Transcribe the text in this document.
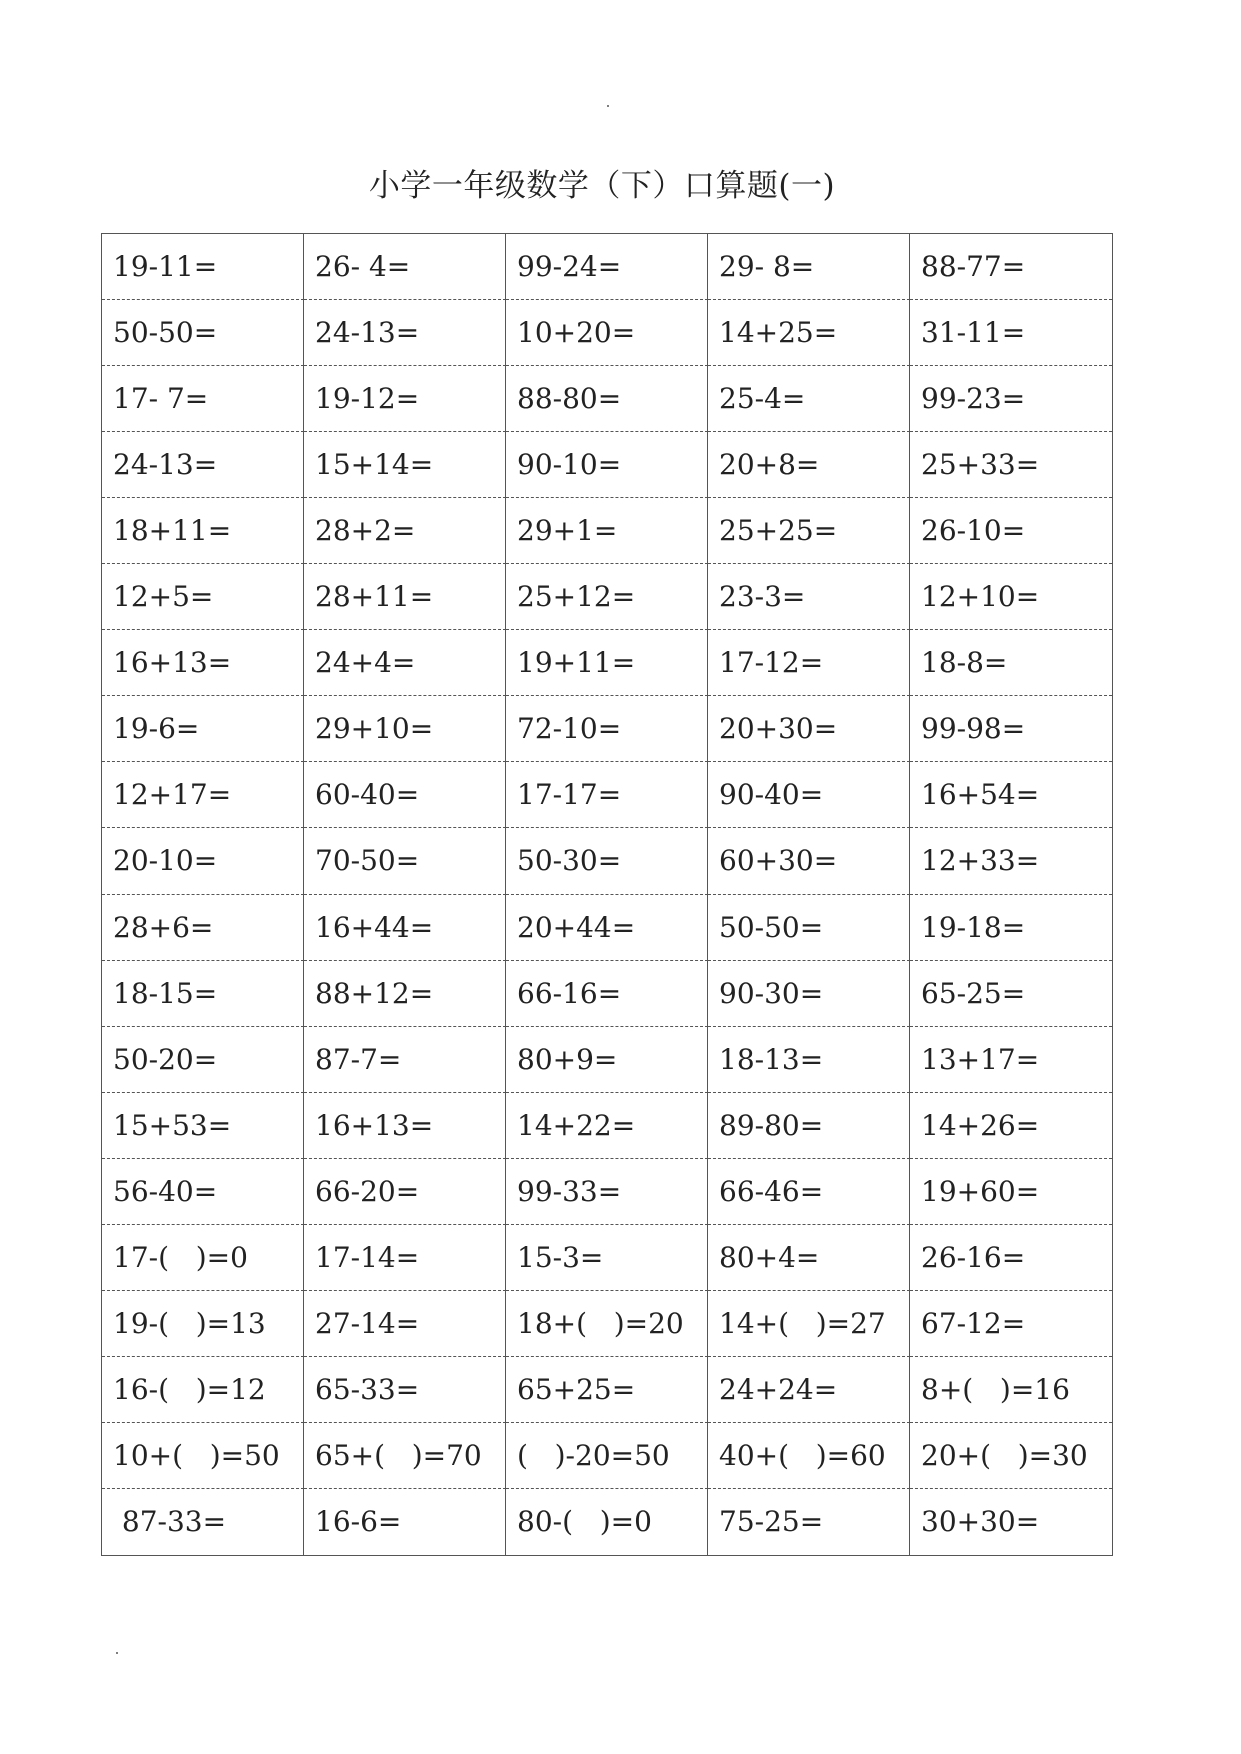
小学一年级数学（下）口算题(一)
19-11=	26- 4=	99-24=	29- 8=	88-77=
50-50=	24-13=	10+20=	14+25=	31-11=
17- 7=	19-12=	88-80=	25-4=	99-23=
24-13=	15+14=	90-10=	20+8=	25+33=
18+11=	28+2=	29+1=	25+25=	26-10=
12+5=	28+11=	25+12=	23-3=	12+10=
16+13=	24+4=	19+11=	17-12=	18-8=
19-6=	29+10=	72-10=	20+30=	99-98=
12+17=	60-40=	17-17=	90-40=	16+54=
20-10=	70-50=	50-30=	60+30=	12+33=
28+6=	16+44=	20+44=	50-50=	19-18=
18-15=	88+12=	66-16=	90-30=	65-25=
50-20=	87-7=	80+9=	18-13=	13+17=
15+53=	16+13=	14+22=	89-80=	14+26=
56-40=	66-20=	99-33=	66-46=	19+60=
17-(   )=0	17-14=	15-3=	80+4=	26-16=
19-(   )=13	27-14=	18+(   )=20	14+(   )=27	67-12=
16-(   )=12	65-33=	65+25=	24+24=	8+(   )=16
10+(   )=50	65+(   )=70	(   )-20=50	40+(   )=60	20+(   )=30
87-33=	16-6=	80-(   )=0	75-25=	30+30=
